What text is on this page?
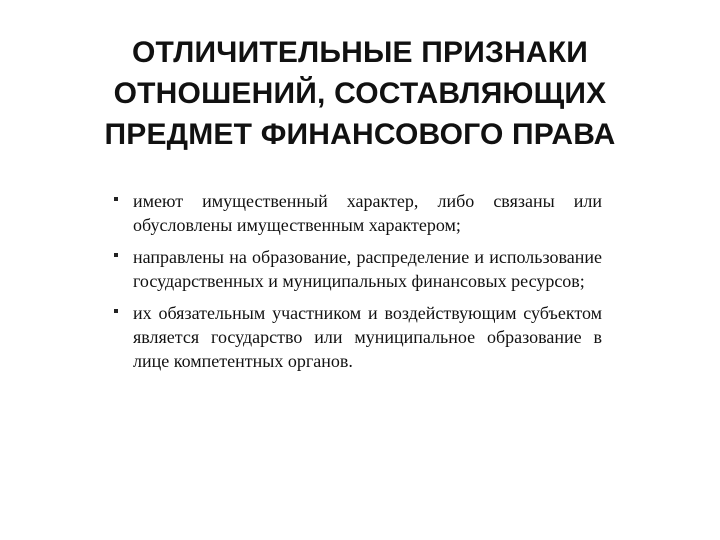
ОТЛИЧИТЕЛЬНЫЕ ПРИЗНАКИ
ОТНОШЕНИЙ, СОСТАВЛЯЮЩИХ
ПРЕДМЕТ ФИНАНСОВОГО ПРАВА
имеют имущественный характер, либо связаны или обусловлены имущественным характером;
направлены на образование, распределение и использование государственных и муниципальных финансовых ресурсов;
их обязательным участником и воздействующим субъектом является государство или муниципальное образование в лице компетентных органов.
